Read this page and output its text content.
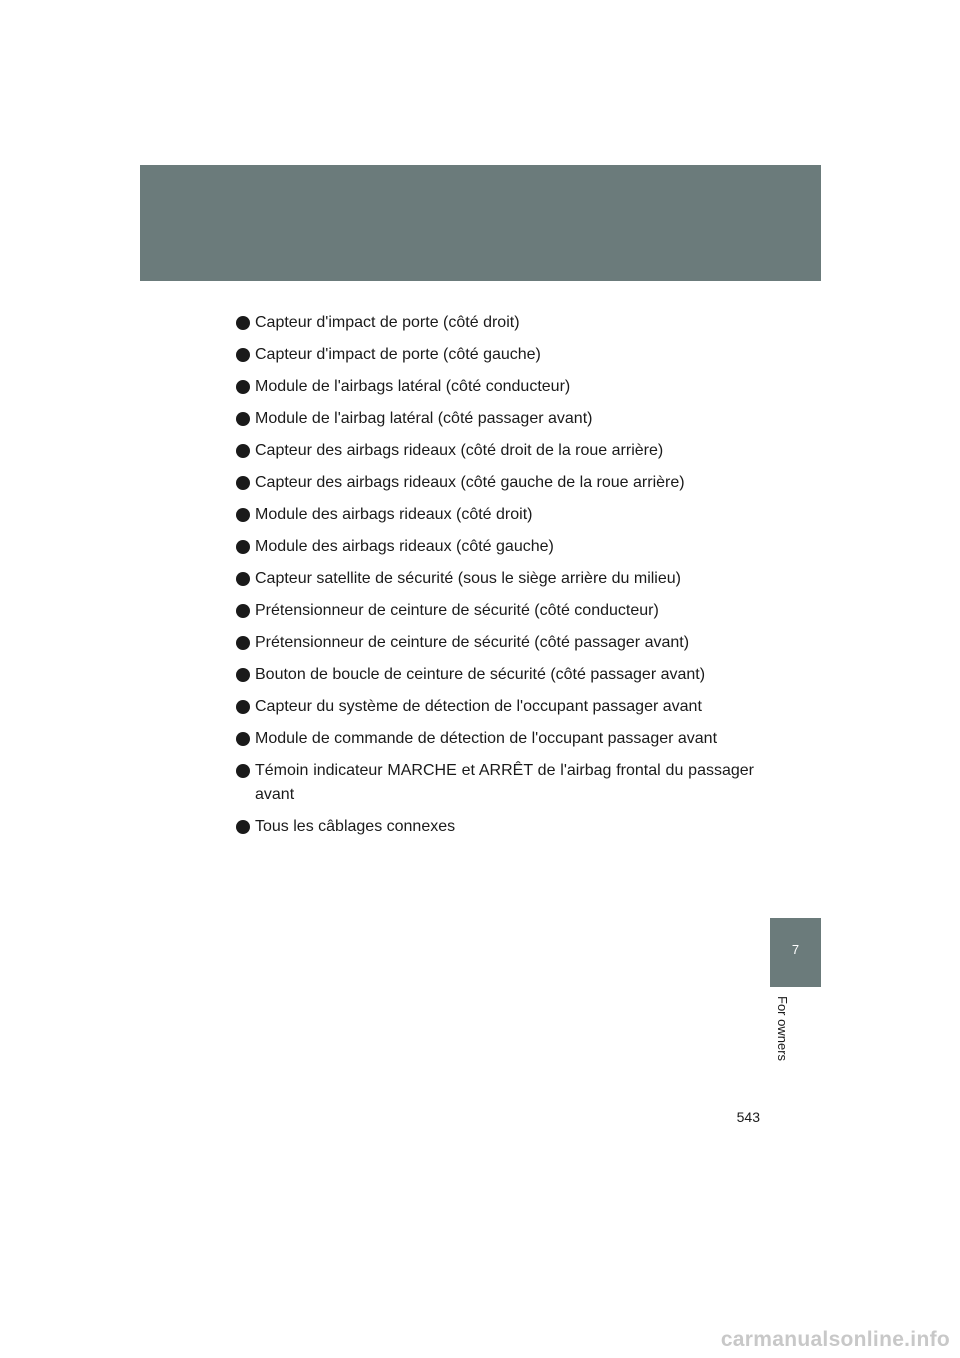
Capteur d'impact de porte (côté droit)
Capteur d'impact de porte (côté gauche)
Module de l'airbags latéral (côté conducteur)
Module de l'airbag latéral (côté passager avant)
Capteur des airbags rideaux (côté droit de la roue arrière)
Capteur des airbags rideaux (côté gauche de la roue arrière)
Module des airbags rideaux (côté droit)
Module des airbags rideaux (côté gauche)
Capteur satellite de sécurité (sous le siège arrière du milieu)
Prétensionneur de ceinture de sécurité (côté conducteur)
Prétensionneur de ceinture de sécurité (côté passager avant)
Bouton de boucle de ceinture de sécurité (côté passager avant)
Capteur du système de détection de l'occupant passager avant
Module de commande de détection de l'occupant passager avant
Témoin indicateur MARCHE et ARRÊT de l'airbag frontal du passager avant
Tous les câblages connexes
7
For owners
543
carmanualsonline.info
